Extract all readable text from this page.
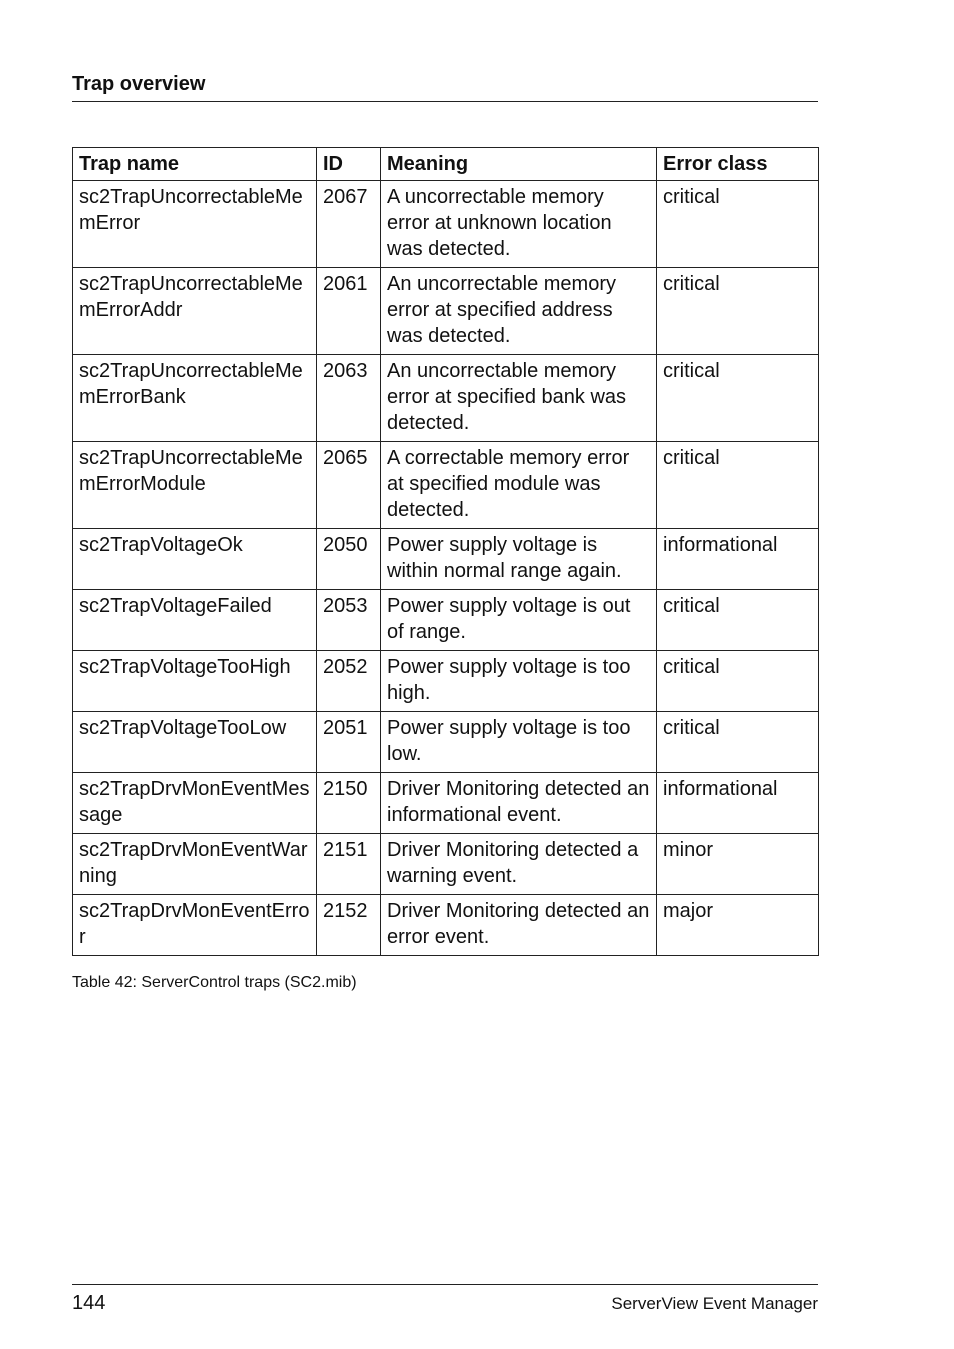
Trap overview
Trap name	ID	Meaning	Error class
sc2TrapUncorrectableMemError	2067	A uncorrectable memory error at unknown location was detected.	critical
sc2TrapUncorrectableMemErrorAddr	2061	An uncorrectable memory error at specified address was detected.	critical
sc2TrapUncorrectableMemErrorBank	2063	An uncorrectable memory error at specified bank was detected.	critical
sc2TrapUncorrectableMemErrorModule	2065	A correctable memory error at specified module was detected.	critical
sc2TrapVoltageOk	2050	Power supply voltage is within normal range again.	informational
sc2TrapVoltageFailed	2053	Power supply voltage is out of range.	critical
sc2TrapVoltageTooHigh	2052	Power supply voltage is too high.	critical
sc2TrapVoltageTooLow	2051	Power supply voltage is too low.	critical
sc2TrapDrvMonEventMessage	2150	Driver Monitoring detected an informational event.	informational
sc2TrapDrvMonEventWarning	2151	Driver Monitoring detected a warning event.	minor
sc2TrapDrvMonEventError	2152	Driver Monitoring detected an error event.	major
Table 42: ServerControl traps (SC2.mib)
144	ServerView Event Manager
